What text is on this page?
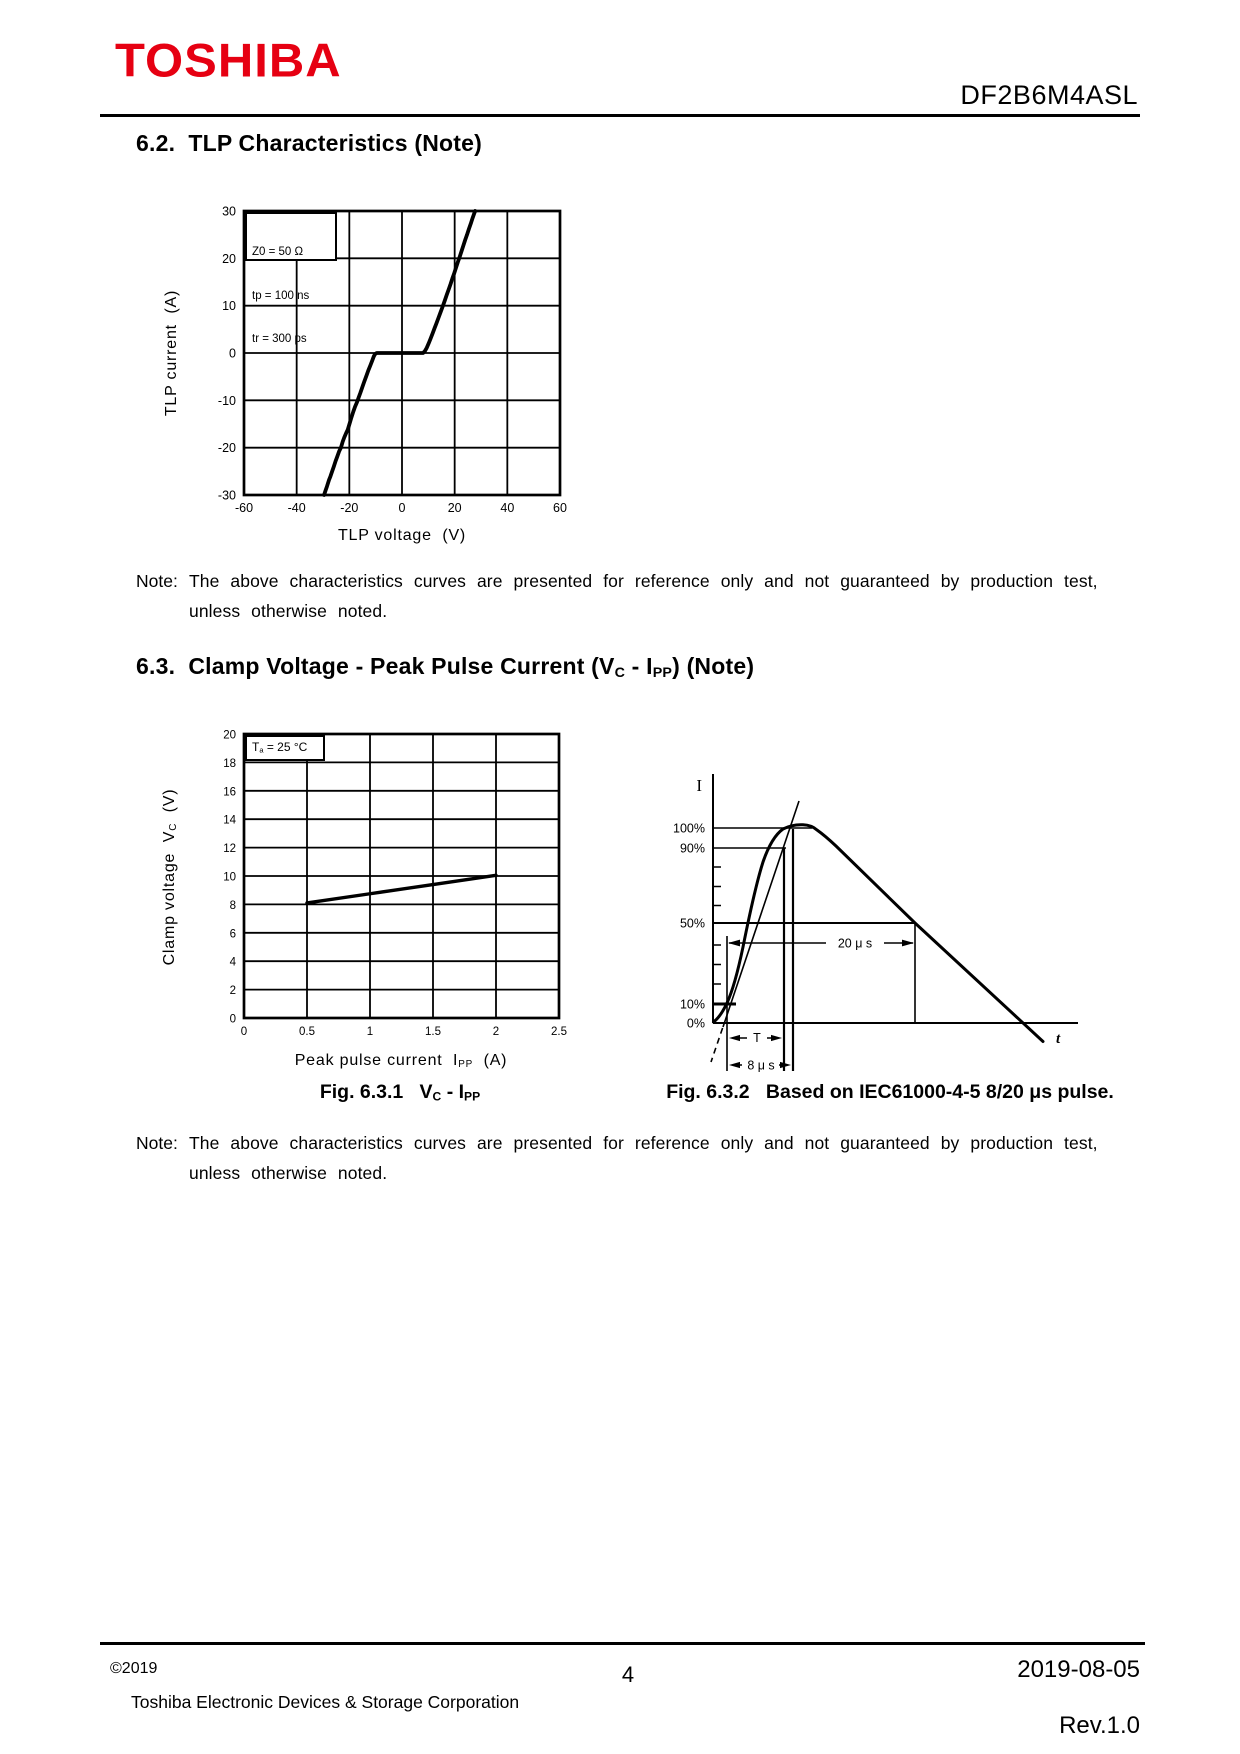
TOSHIBA
DF2B6M4ASL
6.2.  TLP Characteristics (Note)
-60	-40	-20	0	20	40	60
-30
-20
-10
0
10
20
30

Z0 = 50 Ω

tp = 100 ns

tr = 300 ps

TLP current  (A)
TLP voltage  (V)
Note: The above characteristics curves are presented for reference only and not guaranteed by production test,
unless otherwise noted.
6.3. Clamp Voltage - Peak Pulse Current (VC - IPP) (Note)
0	0.5	1	1.5	2	2.5
0
2
4
6
8
10
12
14
16
18
20
Ta = 25 °C
Clamp voltage  VC  (V)
Peak pulse current  IPP  (A)
I
t
100%
90%
50%
10%
0%
20 μ s
T
8 μ s
Fig. 6.3.1   VC - IPP	Fig. 6.3.2   Based on IEC61000-4-5 8/20 μs pulse.
Note: The above characteristics curves are presented for reference only and not guaranteed by production test,
unless otherwise noted.
©2019
Toshiba Electronic Devices & Storage Corporation
4	2019-08-05
Rev.1.0
